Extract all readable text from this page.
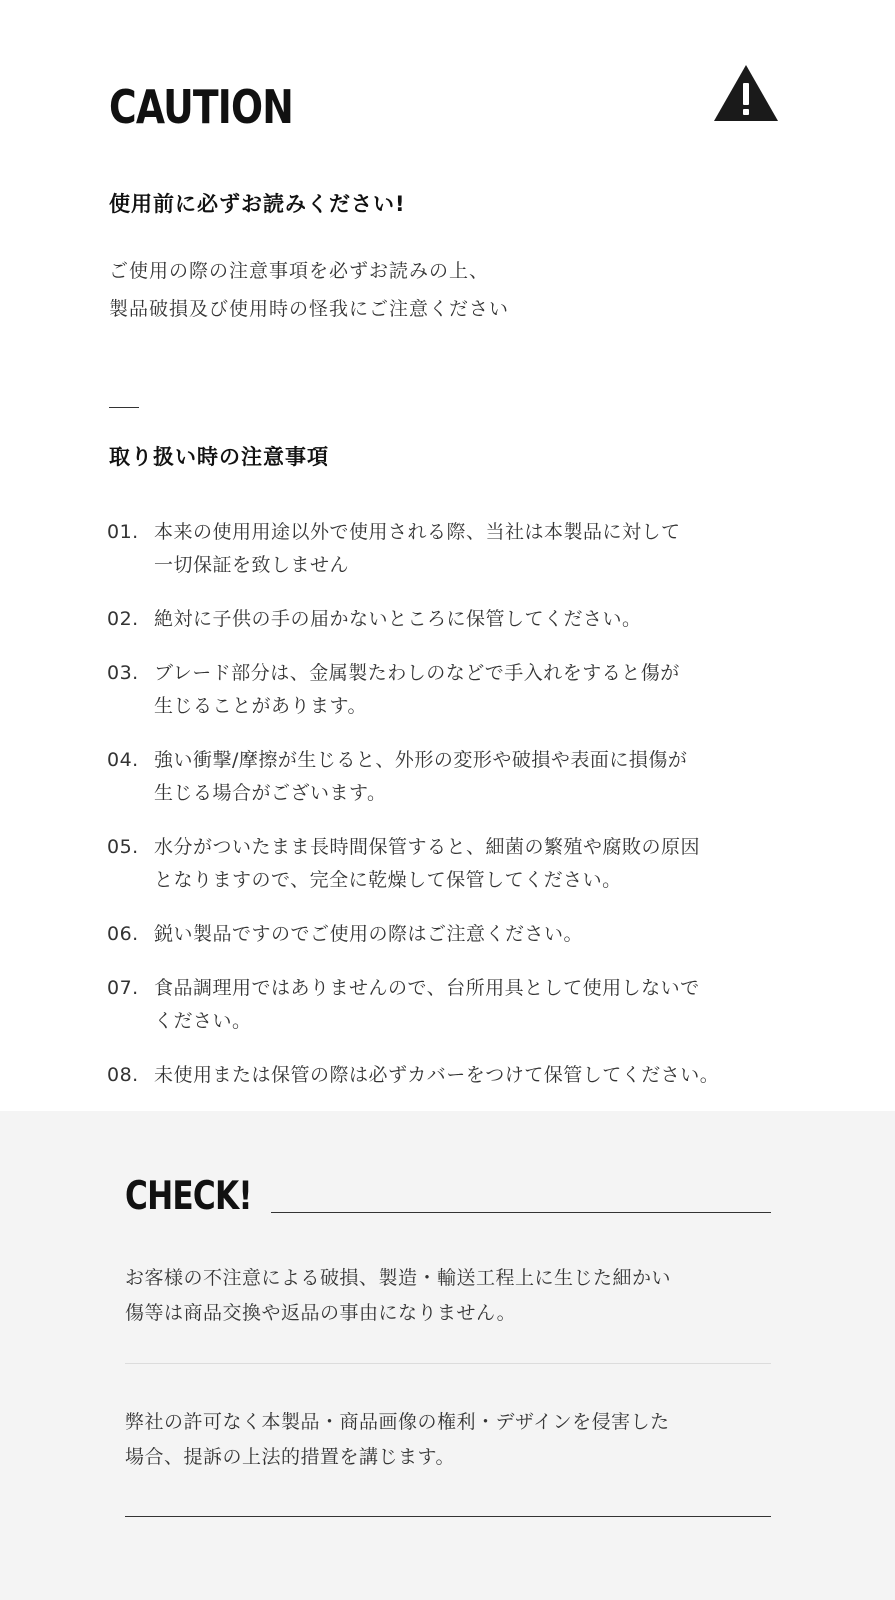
CAUTION
使用前に必ずお読みください!
ご使用の際の注意事項を必ずお読みの上、
製品破損及び使用時の怪我にご注意ください
取り扱い時の注意事項
01. 本来の使用用途以外で使用される際、当社は本製品に対して
一切保証を致しません
02. 絶対に子供の手の届かないところに保管してください。
03. ブレード部分は、金属製たわしのなどで手入れをすると傷が
生じることがあります。
04. 強い衝撃/摩擦が生じると、外形の変形や破損や表面に損傷が
生じる場合がございます。
05. 水分がついたまま長時間保管すると、細菌の繁殖や腐敗の原因
となりますので、完全に乾燥して保管してください。
06. 鋭い製品ですのでご使用の際はご注意ください。
07. 食品調理用ではありませんので、台所用具として使用しないで
ください。
08. 未使用または保管の際は必ずカバーをつけて保管してください。
CHECK!
お客様の不注意による破損、製造・輸送工程上に生じた細かい
傷等は商品交換や返品の事由になりません。
弊社の許可なく本製品・商品画像の権利・デザインを侵害した
場合、提訴の上法的措置を講じます。
